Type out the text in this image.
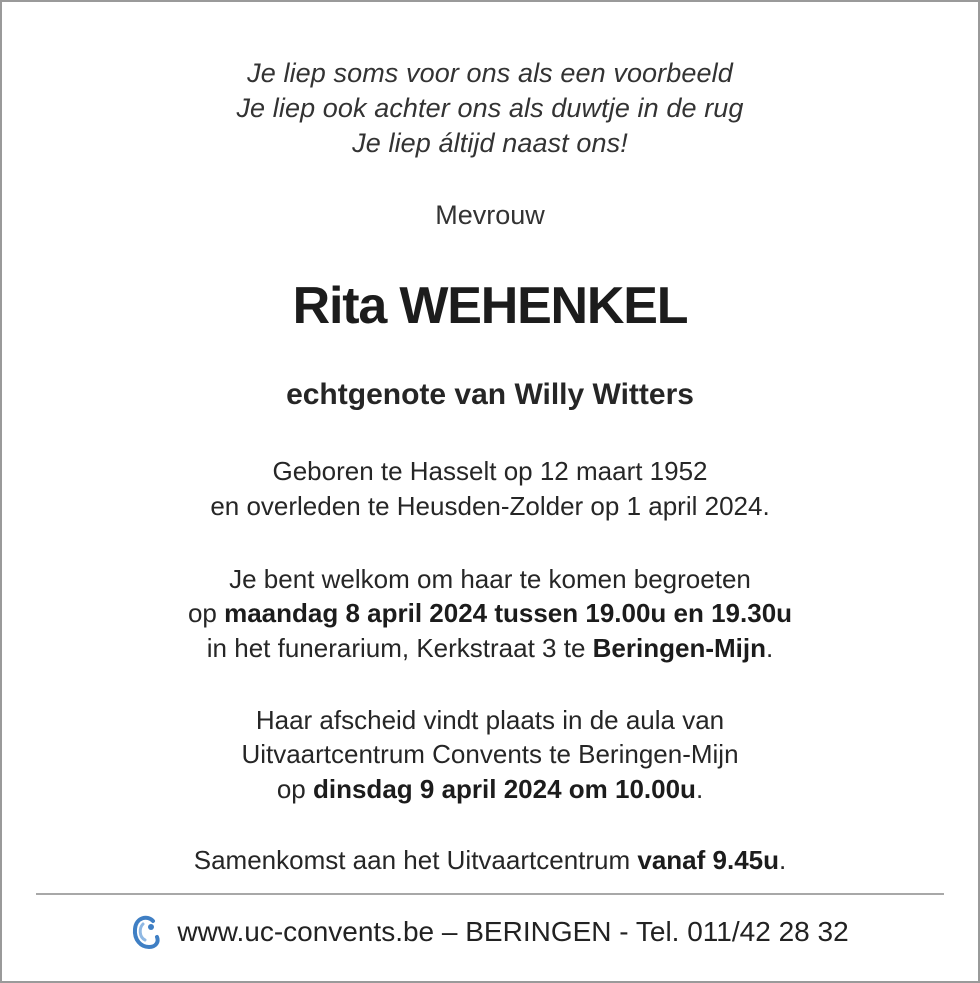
Je liep soms voor ons als een voorbeeld
Je liep ook achter ons als duwtje in de rug
Je liep áltijd naast ons!
Mevrouw
Rita WEHENKEL
echtgenote van Willy Witters
Geboren te Hasselt op 12 maart 1952
en overleden te Heusden-Zolder op 1 april 2024.
Je bent welkom om haar te komen begroeten
op maandag 8 april 2024 tussen 19.00u en 19.30u
in het funerarium, Kerkstraat 3 te Beringen-Mijn.
Haar afscheid vindt plaats in de aula van
Uitvaartcentrum Convents te Beringen-Mijn
op dinsdag 9 april 2024 om 10.00u.
Samenkomst aan het Uitvaartcentrum vanaf 9.45u.
www.uc-convents.be – BERINGEN - Tel. 011/42 28 32
